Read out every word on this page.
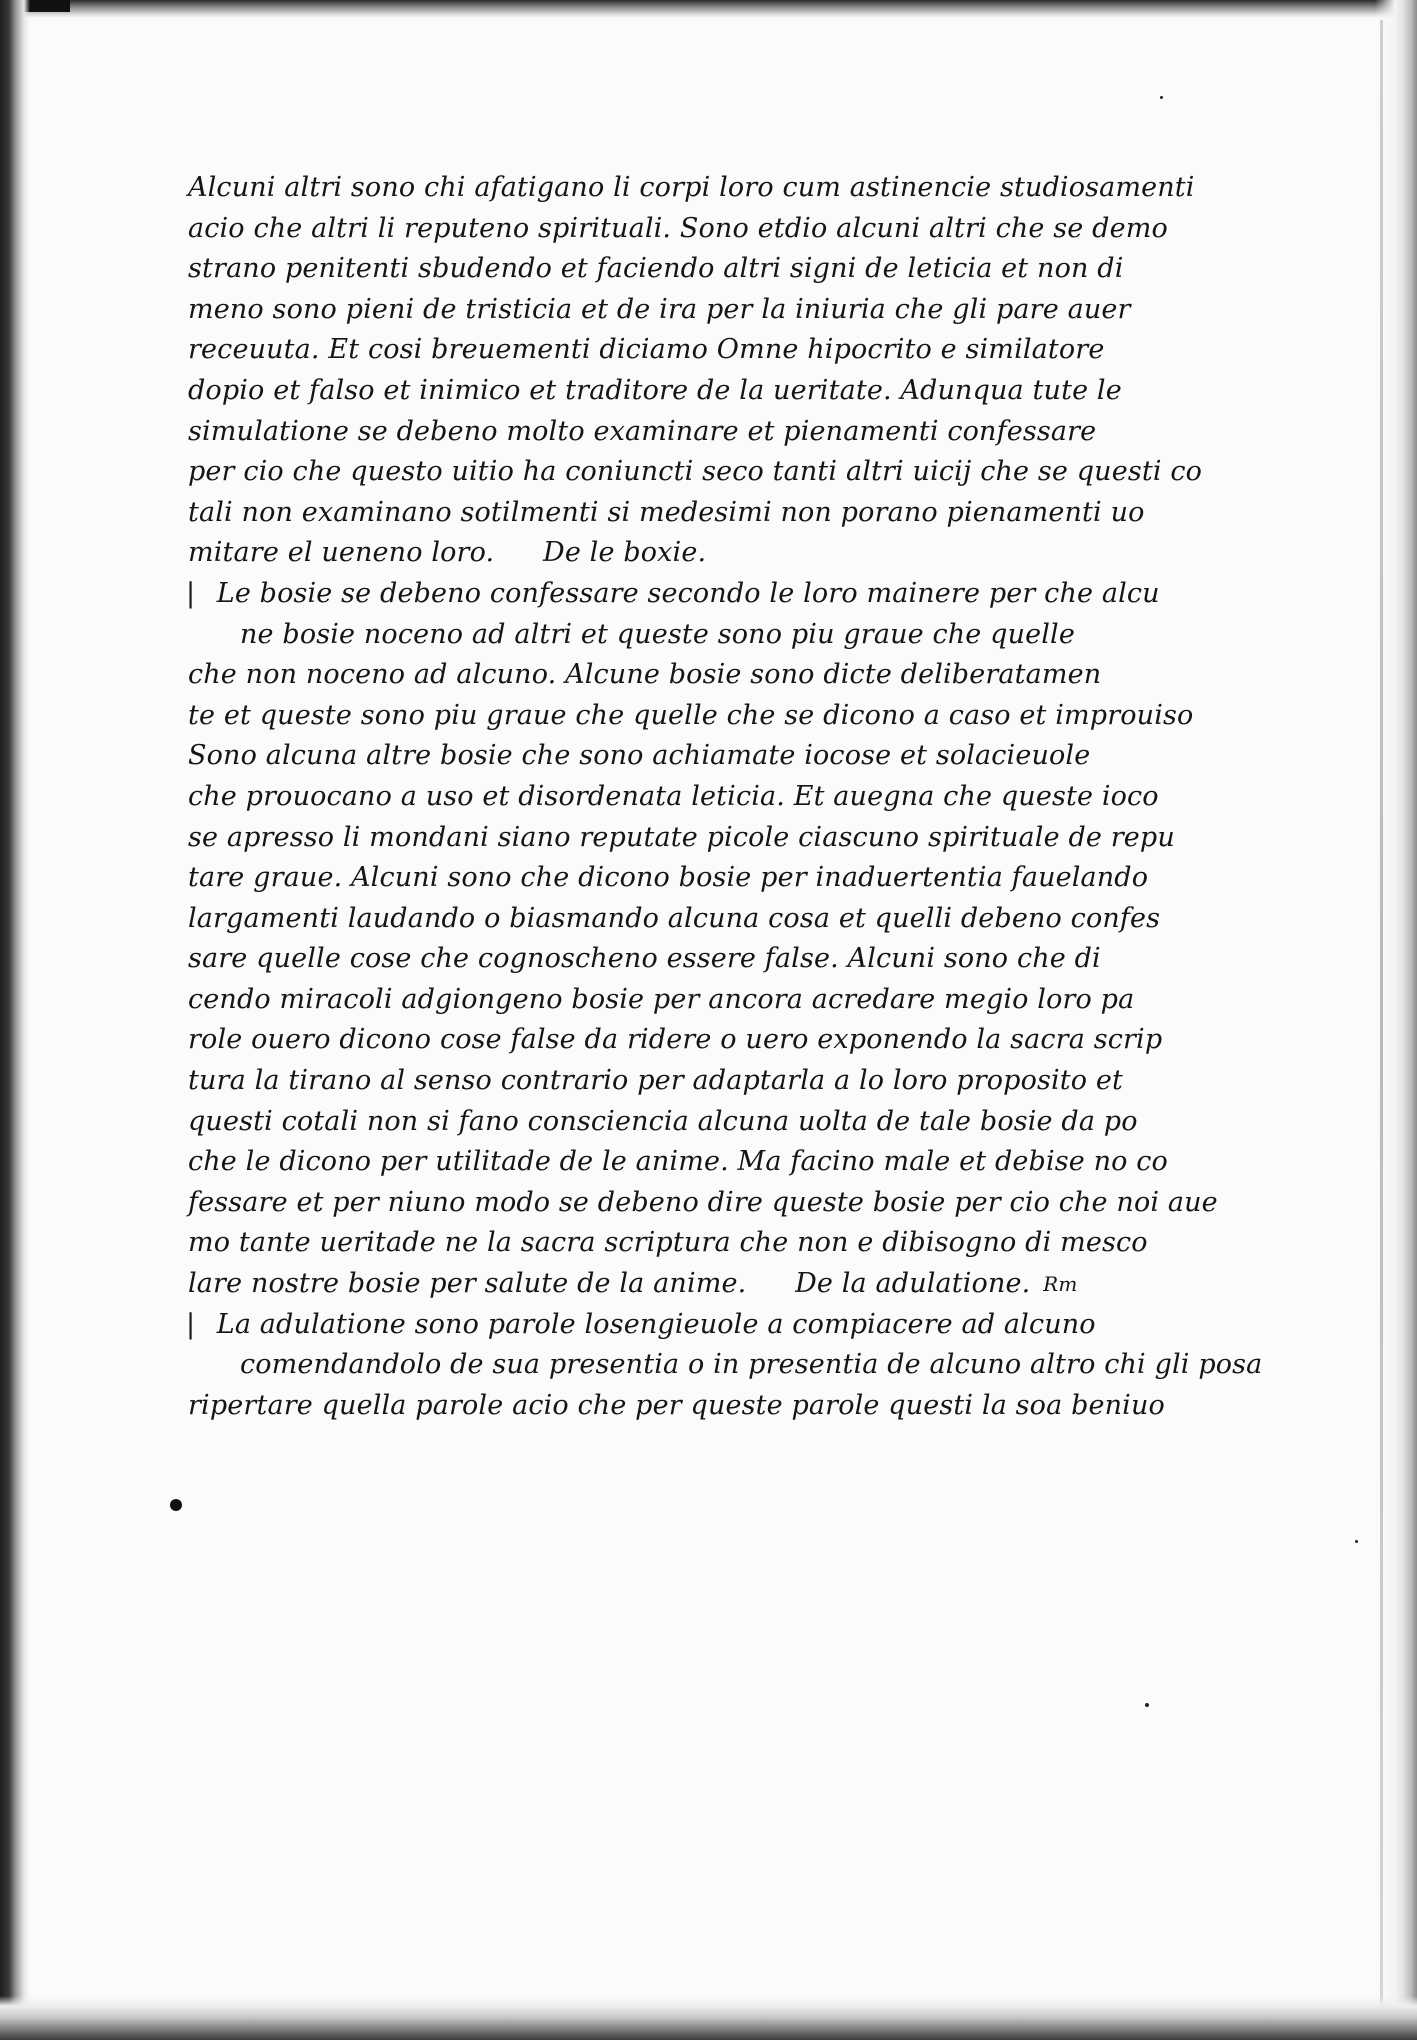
Alcuni altri sono chi afatigano li corpi loro cum astinencie studiosamenti
acio che altri li reputeno spirituali. Sono etdio alcuni altri che se demo
strano penitenti sbudendo et faciendo altri signi de leticia et non di
meno sono pieni de tristicia et de ira per la iniuria che gli pare auer
receuuta. Et cosi breuementi diciamo Omne hipocrito e similatore
dopio et falso et inimico et traditore de la ueritate. Adunqua tute le
simulatione se debeno molto examinare et pienamenti confessare
per cio che questo uitio ha coniuncti seco tanti altri uicij che se questi co
tali non examinano sotilmenti si medesimi non porano pienamenti uo
mitare el ueneno loro. De le boxie.
| Le bosie se debeno confessare secondo le loro mainere per che alcu
ne bosie noceno ad altri et queste sono piu graue che quelle
che non noceno ad alcuno. Alcune bosie sono dicte deliberatamen
te et queste sono piu graue che quelle che se dicono a caso et improuiso
Sono alcuna altre bosie che sono achiamate iocose et solacieuole
che prouocano a uso et disordenata leticia. Et auegna che queste ioco
se apresso li mondani siano reputate picole ciascuno spirituale de repu
tare graue. Alcuni sono che dicono bosie per inaduertentia fauelando
largamenti laudando o biasmando alcuna cosa et quelli debeno confes
sare quelle cose che cognoscheno essere false. Alcuni sono che di
cendo miracoli adgiongeno bosie per ancora acredare megio loro pa
role ouero dicono cose false da ridere o uero exponendo la sacra scrip
tura la tirano al senso contrario per adaptarla a lo loro proposito et
questi cotali non si fano consciencia alcuna uolta de tale bosie da po
che le dicono per utilitade de le anime. Ma facino male et debise no co
fessare et per niuno modo se debeno dire queste bosie per cio che noi aue
mo tante ueritade ne la sacra scriptura che non e dibisogno di mesco
lare nostre bosie per salute de la anime. De la adulatione. $^{Rm}$
| La adulatione sono parole losengieuole a compiacere ad alcuno
comendandolo de sua presentia o in presentia de alcuno altro chi gli posa
ripertare quella parole acio che per queste parole questi la soa beniuo
